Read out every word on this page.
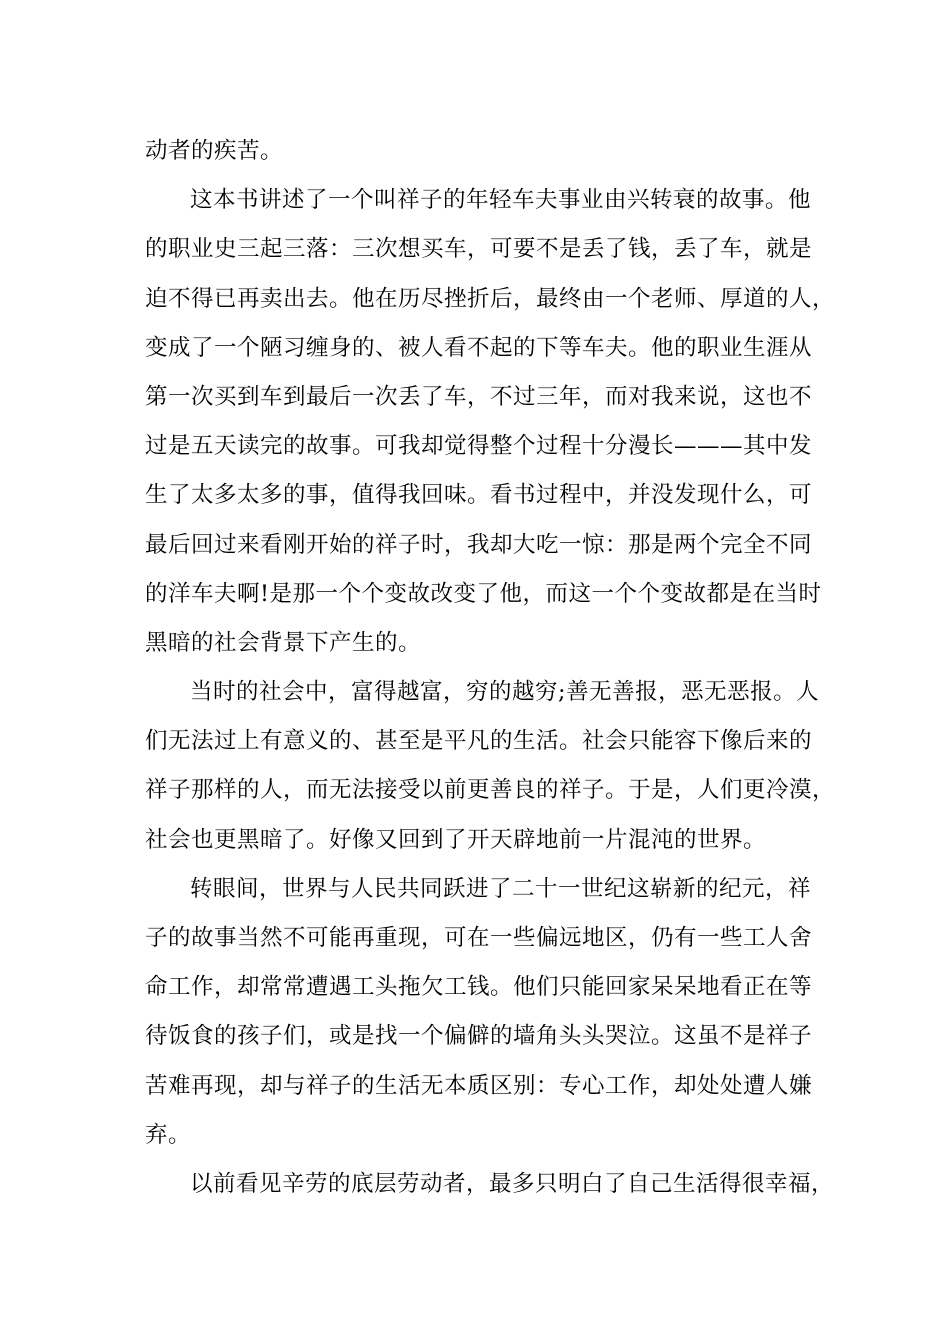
动者的疾苦。
这本书讲述了一个叫祥子的年轻车夫事业由兴转衰的故事。他
的职业史三起三落：三次想买车，可要不是丢了钱，丢了车，就是
迫不得已再卖出去。他在历尽挫折后，最终由一个老师、厚道的人，
变成了一个陋习缠身的、被人看不起的下等车夫。他的职业生涯从
第一次买到车到最后一次丢了车，不过三年，而对我来说，这也不
过是五天读完的故事。可我却觉得整个过程十分漫长———其中发
生了太多太多的事，值得我回味。看书过程中，并没发现什么，可
最后回过来看刚开始的祥子时，我却大吃一惊：那是两个完全不同
的洋车夫啊!是那一个个变故改变了他，而这一个个变故都是在当时
黑暗的社会背景下产生的。
当时的社会中，富得越富，穷的越穷;善无善报，恶无恶报。人
们无法过上有意义的、甚至是平凡的生活。社会只能容下像后来的
祥子那样的人，而无法接受以前更善良的祥子。于是，人们更冷漠，
社会也更黑暗了。好像又回到了开天辟地前一片混沌的世界。
转眼间，世界与人民共同跃进了二十一世纪这崭新的纪元，祥
子的故事当然不可能再重现，可在一些偏远地区，仍有一些工人舍
命工作，却常常遭遇工头拖欠工钱。他们只能回家呆呆地看正在等
待饭食的孩子们，或是找一个偏僻的墙角头头哭泣。这虽不是祥子
苦难再现，却与祥子的生活无本质区别：专心工作，却处处遭人嫌
弃。
以前看见辛劳的底层劳动者，最多只明白了自己生活得很幸福，
